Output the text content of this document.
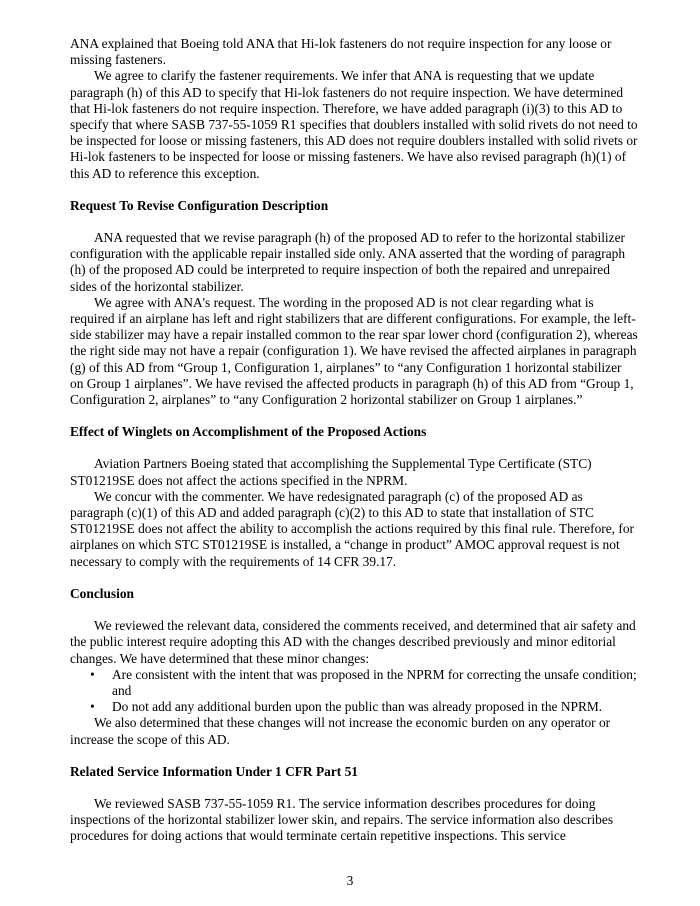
ANA explained that Boeing told ANA that Hi-lok fasteners do not require inspection for any loose or missing fasteners.

We agree to clarify the fastener requirements. We infer that ANA is requesting that we update paragraph (h) of this AD to specify that Hi-lok fasteners do not require inspection. We have determined that Hi-lok fasteners do not require inspection. Therefore, we have added paragraph (i)(3) to this AD to specify that where SASB 737-55-1059 R1 specifies that doublers installed with solid rivets do not need to be inspected for loose or missing fasteners, this AD does not require doublers installed with solid rivets or Hi-lok fasteners to be inspected for loose or missing fasteners. We have also revised paragraph (h)(1) of this AD to reference this exception.

Request To Revise Configuration Description

ANA requested that we revise paragraph (h) of the proposed AD to refer to the horizontal stabilizer configuration with the applicable repair installed side only. ANA asserted that the wording of paragraph (h) of the proposed AD could be interpreted to require inspection of both the repaired and unrepaired sides of the horizontal stabilizer.

We agree with ANA's request. The wording in the proposed AD is not clear regarding what is required if an airplane has left and right stabilizers that are different configurations. For example, the left-side stabilizer may have a repair installed common to the rear spar lower chord (configuration 2), whereas the right side may not have a repair (configuration 1). We have revised the affected airplanes in paragraph (g) of this AD from “Group 1, Configuration 1, airplanes” to “any Configuration 1 horizontal stabilizer on Group 1 airplanes”. We have revised the affected products in paragraph (h) of this AD from “Group 1, Configuration 2, airplanes” to “any Configuration 2 horizontal stabilizer on Group 1 airplanes.”

Effect of Winglets on Accomplishment of the Proposed Actions

Aviation Partners Boeing stated that accomplishing the Supplemental Type Certificate (STC) ST01219SE does not affect the actions specified in the NPRM.

We concur with the commenter. We have redesignated paragraph (c) of the proposed AD as paragraph (c)(1) of this AD and added paragraph (c)(2) to this AD to state that installation of STC ST01219SE does not affect the ability to accomplish the actions required by this final rule. Therefore, for airplanes on which STC ST01219SE is installed, a “change in product” AMOC approval request is not necessary to comply with the requirements of 14 CFR 39.17.

Conclusion

We reviewed the relevant data, considered the comments received, and determined that air safety and the public interest require adopting this AD with the changes described previously and minor editorial changes. We have determined that these minor changes:

• Are consistent with the intent that was proposed in the NPRM for correcting the unsafe condition; and
• Do not add any additional burden upon the public than was already proposed in the NPRM.

We also determined that these changes will not increase the economic burden on any operator or increase the scope of this AD.

Related Service Information Under 1 CFR Part 51

We reviewed SASB 737-55-1059 R1. The service information describes procedures for doing inspections of the horizontal stabilizer lower skin, and repairs. The service information also describes procedures for doing actions that would terminate certain repetitive inspections. This service

3
